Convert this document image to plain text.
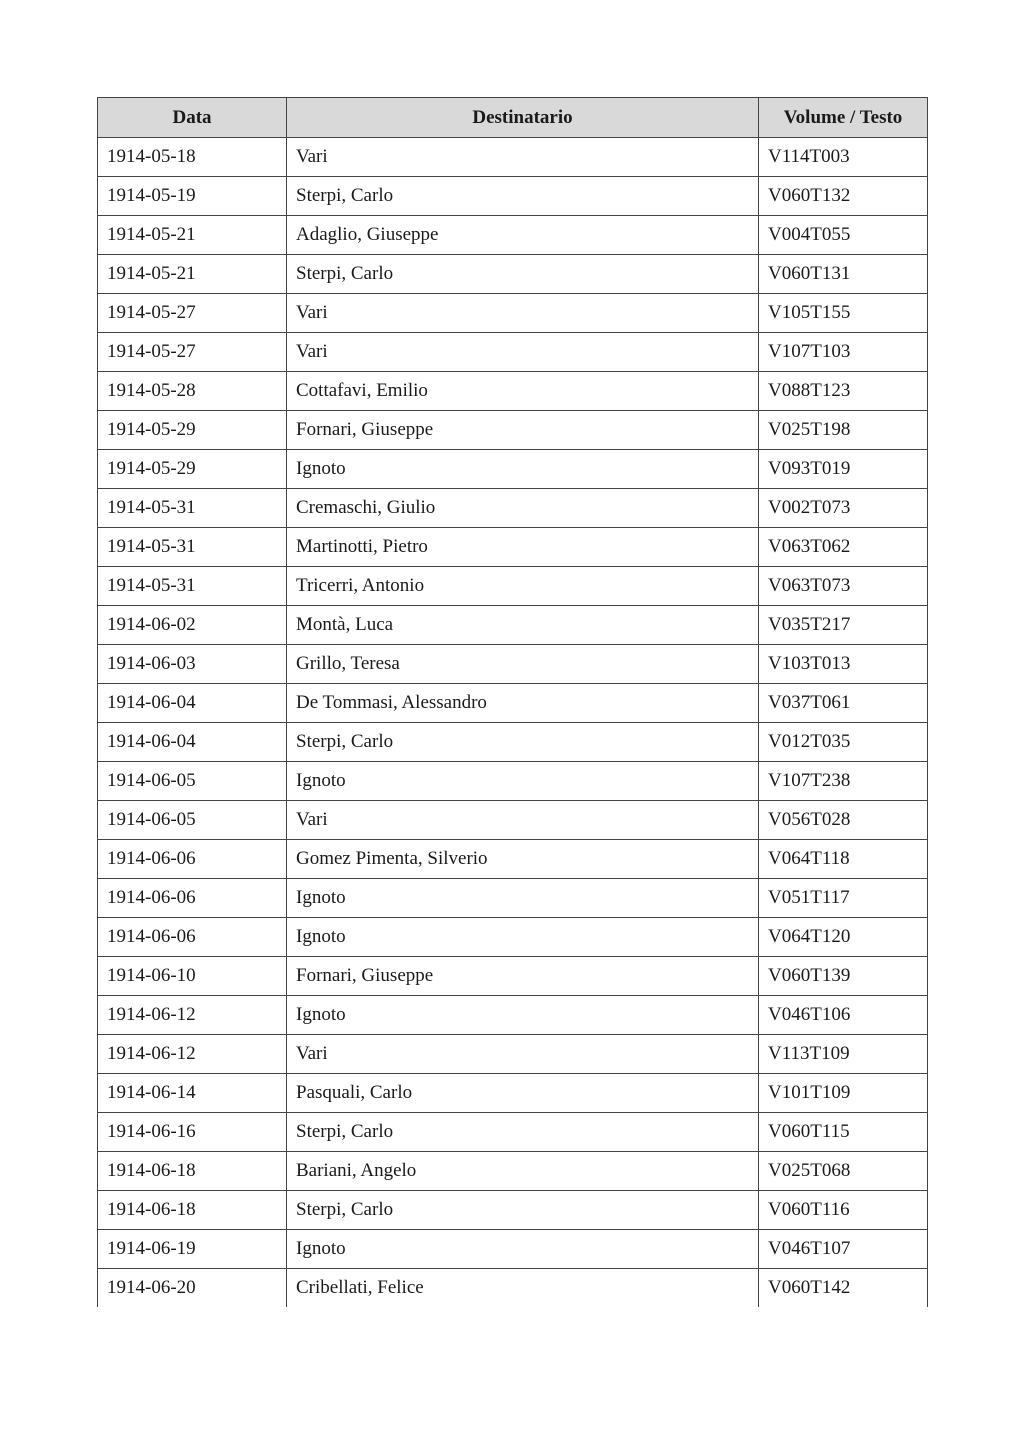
Data	Destinatario	Volume / Testo
1914-05-18	Vari	V114T003
1914-05-19	Sterpi, Carlo	V060T132
1914-05-21	Adaglio, Giuseppe	V004T055
1914-05-21	Sterpi, Carlo	V060T131
1914-05-27	Vari	V105T155
1914-05-27	Vari	V107T103
1914-05-28	Cottafavi, Emilio	V088T123
1914-05-29	Fornari, Giuseppe	V025T198
1914-05-29	Ignoto	V093T019
1914-05-31	Cremaschi, Giulio	V002T073
1914-05-31	Martinotti, Pietro	V063T062
1914-05-31	Tricerri, Antonio	V063T073
1914-06-02	Montà, Luca	V035T217
1914-06-03	Grillo, Teresa	V103T013
1914-06-04	De Tommasi, Alessandro	V037T061
1914-06-04	Sterpi, Carlo	V012T035
1914-06-05	Ignoto	V107T238
1914-06-05	Vari	V056T028
1914-06-06	Gomez Pimenta, Silverio	V064T118
1914-06-06	Ignoto	V051T117
1914-06-06	Ignoto	V064T120
1914-06-10	Fornari, Giuseppe	V060T139
1914-06-12	Ignoto	V046T106
1914-06-12	Vari	V113T109
1914-06-14	Pasquali, Carlo	V101T109
1914-06-16	Sterpi, Carlo	V060T115
1914-06-18	Bariani, Angelo	V025T068
1914-06-18	Sterpi, Carlo	V060T116
1914-06-19	Ignoto	V046T107
1914-06-20	Cribellati, Felice	V060T142
